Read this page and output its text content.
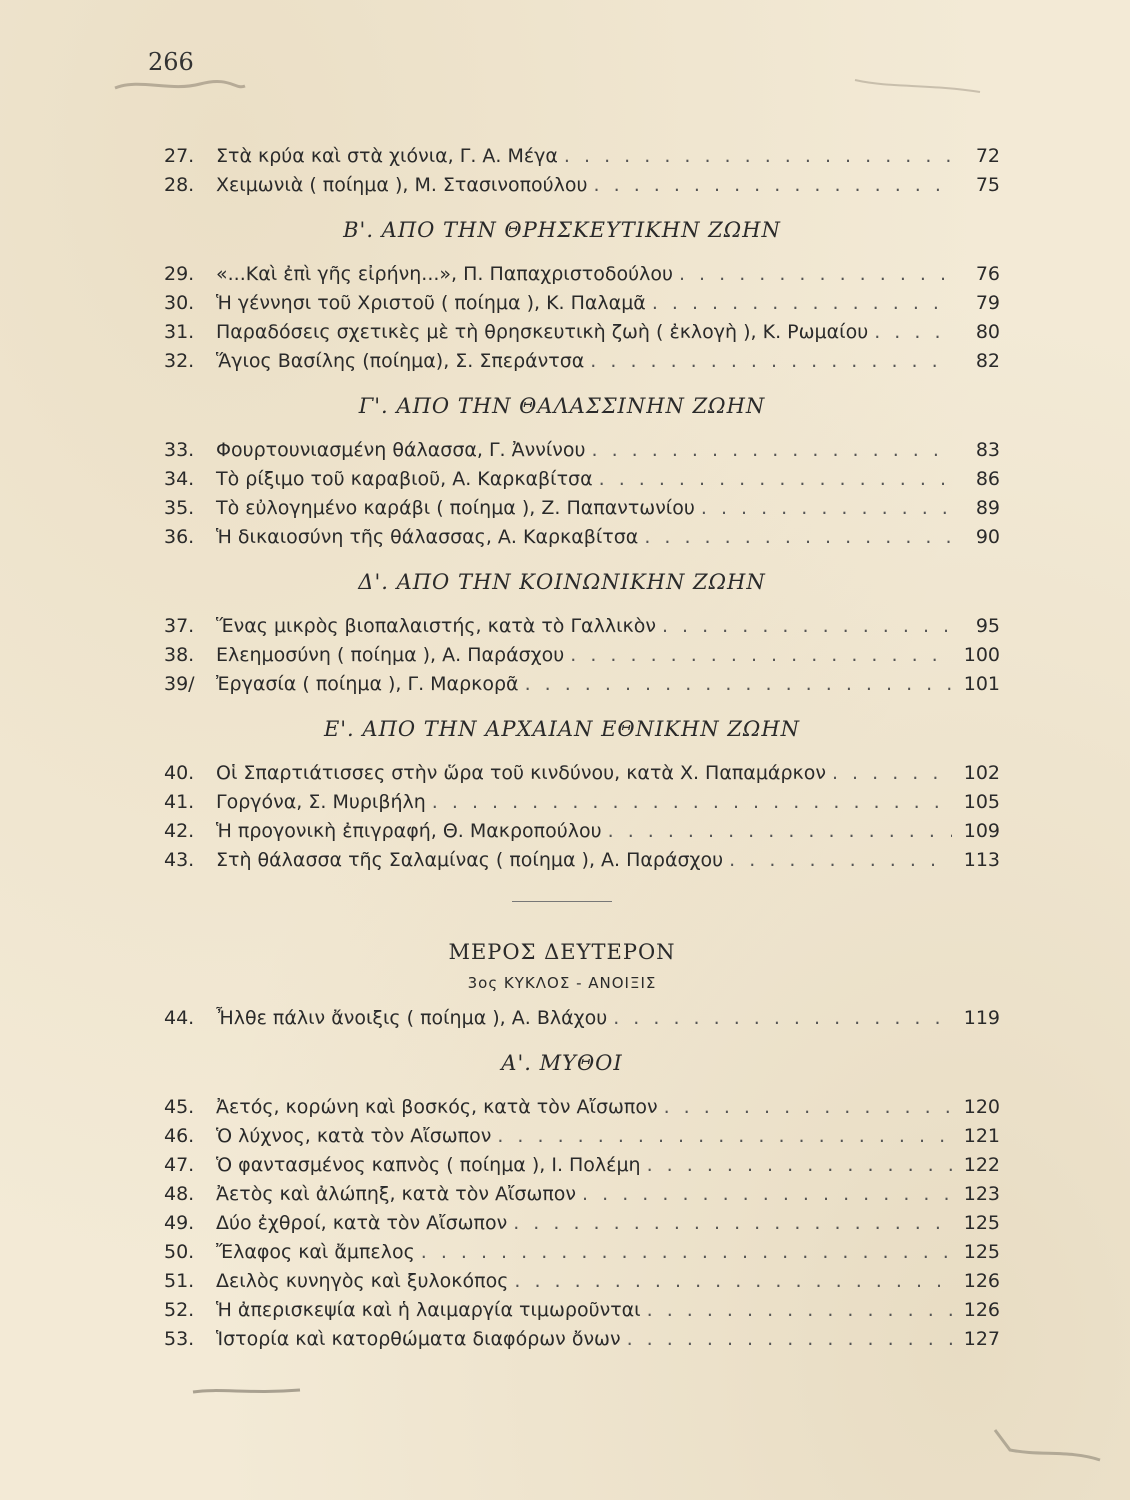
266
27.	Στὰ κρύα καὶ στὰ χιόνια, Γ. Α. Μέγα . . .	72
28.	Χειμωνιὰ ( ποίημα ), Μ. Στασινοπούλου . . .	75
Β'. ΑΠΟ ΤΗΝ ΘΡΗΣΚΕΥΤΙΚΗΝ ΖΩΗΝ
29.	«...Καὶ ἐπὶ γῆς εἰρήνη...», Π. Παπαχριστοδούλου . . .	76
30.	Ἡ γέννησι τοῦ Χριστοῦ ( ποίημα ), Κ. Παλαμᾶ . . .	79
31.	Παραδόσεις σχετικὲς μὲ τὴ θρησκευτικὴ ζωὴ ( ἐκλογὴ ), Κ. Ρωμαίου . . .	80
32.	Ἅγιος Βασίλης (ποίημα), Σ. Σπεράντσα . . .	82
Γ'. ΑΠΟ ΤΗΝ ΘΑΛΑΣΣΙΝΗΝ ΖΩΗΝ
33.	Φουρτουνιασμένη θάλασσα, Γ. Ἀννίνου . . .	83
34.	Τὸ ρίξιμο τοῦ καραβιοῦ, Α. Καρκαβίτσα . . .	86
35.	Τὸ εὐλογημένο καράβι ( ποίημα ), Ζ. Παπαντωνίου . . .	89
36.	Ἡ δικαιοσύνη τῆς θάλασσας, Α. Καρκαβίτσα . . .	90
Δ'. ΑΠΟ ΤΗΝ ΚΟΙΝΩΝΙΚΗΝ ΖΩΗΝ
37.	Ἕνας μικρὸς βιοπαλαιστής, κατὰ τὸ Γαλλικὸν . . .	95
38.	Ελεημοσύνη ( ποίημα ), Α. Παράσχου . . .	100
39/	Ἐργασία ( ποίημα ), Γ. Μαρκορᾶ . . .	101
Ε'. ΑΠΟ ΤΗΝ ΑΡΧΑΙΑΝ ΕΘΝΙΚΗΝ ΖΩΗΝ
40.	Οἱ Σπαρτιάτισσες στὴν ὥρα τοῦ κινδύνου, κατὰ Χ. Παπαμάρκον . . .	102
41.	Γοργόνα, Σ. Μυριβήλη . . .	105
42.	Ἡ προγονικὴ ἐπιγραφή, Θ. Μακροπούλου . . .	109
43.	Στὴ θάλασσα τῆς Σαλαμίνας ( ποίημα ), Α. Παράσχου . . .	113
ΜΕΡΟΣ ΔΕΥΤΕΡΟΝ
3ος ΚΥΚΛΟΣ - ΑΝΟΙΞΙΣ
44.	Ἦλθε πάλιν ἄνοιξις ( ποίημα ), Α. Βλάχου . . .	119
Α'. ΜΥΘΟΙ
45.	Ἀετός, κορώνη καὶ βοσκός, κατὰ τὸν Αἴσωπον . . .	120
46.	Ὁ λύχνος, κατὰ τὸν Αἴσωπον . . .	121
47.	Ὁ φαντασμένος καπνὸς ( ποίημα ), Ι. Πολέμη . . .	122
48.	Ἀετὸς καὶ ἀλώπηξ, κατὰ τὸν Αἴσωπον . . .	123
49.	Δύο ἐχθροί, κατὰ τὸν Αἴσωπον . . .	125
50.	Ἔλαφος καὶ ἄμπελος . . .	125
51.	Δειλὸς κυνηγὸς καὶ ξυλοκόπος . . .	126
52.	Ἡ ἀπερισκεψία καὶ ἡ λαιμαργία τιμωροῦνται . . .	126
53.	Ἱστορία καὶ κατορθώματα διαφόρων ὄνων . . .	127
